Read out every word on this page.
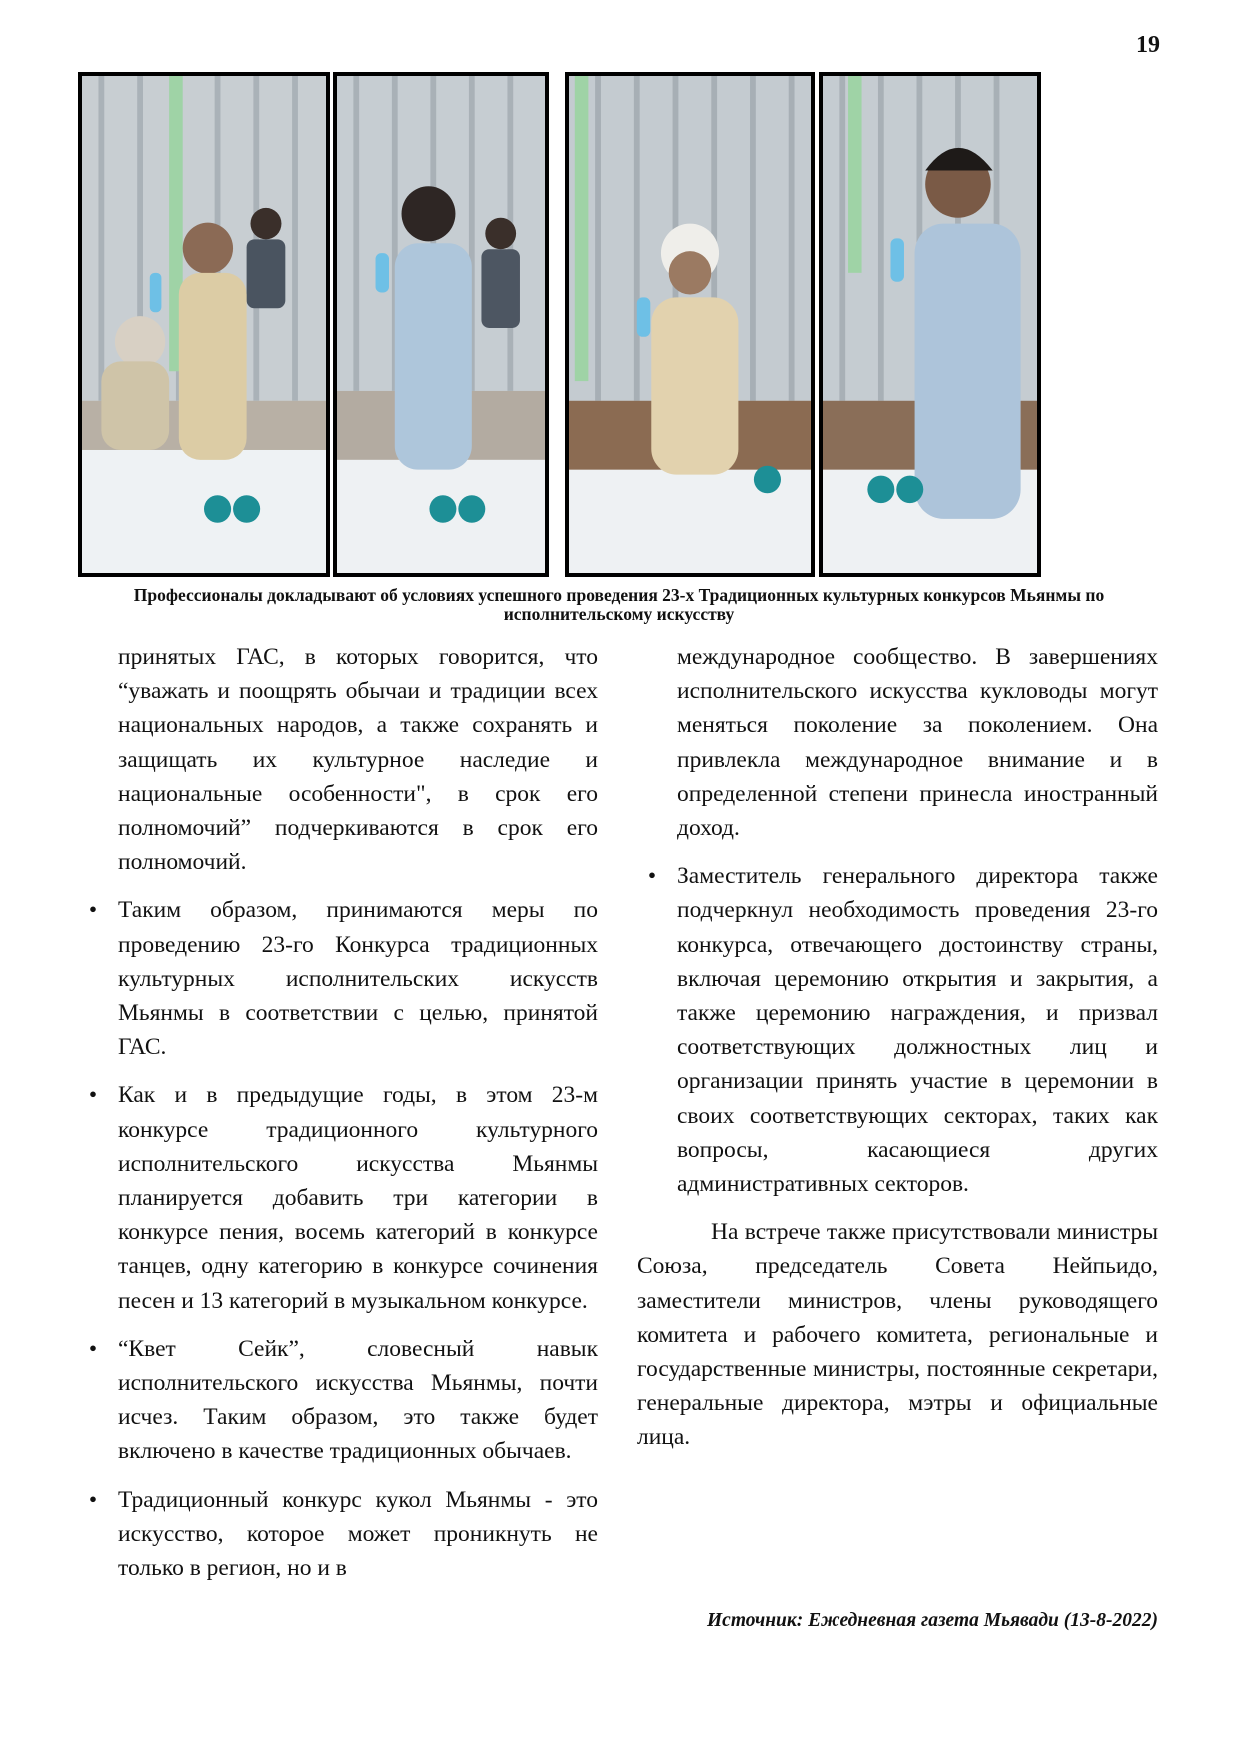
19
Профессионалы докладывают об условиях успешного проведения 23-х Традиционных культурных конкурсов Мьянмы по исполнительскому искусству

принятых ГАС, в которых говорится, что “уважать и поощрять обычаи и традиции всех национальных народов, а также сохранять и защищать их культурное наследие и национальные особенности", в срок его полномочий” подчеркиваются в срок его полномочий.

• Таким образом, принимаются меры по проведению 23-го Конкурса традиционных культурных исполнительских искусств Мьянмы в соответствии с целью, принятой ГАС.
• Как и в предыдущие годы, в этом 23-м конкурсе традиционного культурного исполнительского искусства Мьянмы планируется добавить три категории в конкурсе пения, восемь категорий в конкурсе танцев, одну категорию в конкурсе сочинения песен и 13 категорий в музыкальном конкурсе.
• “Квет Сейк”, словесный навык исполнительского искусства Мьянмы, почти исчез. Таким образом, это также будет включено в качестве традиционных обычаев.
• Традиционный конкурс кукол Мьянмы - это искусство, которое может проникнуть не только в регион, но и в

международное сообщество. В завершениях исполнительского искусства кукловоды могут меняться поколение за поколением. Она привлекла международное внимание и в определенной степени принесла иностранный доход.

• Заместитель генерального директора также подчеркнул необходимость проведения 23-го конкурса, отвечающего достоинству страны, включая церемонию открытия и закрытия, а также церемонию награждения, и призвал соответствующих должностных лиц и организации принять участие в церемонии в своих соответствующих секторах, таких как вопросы, касающиеся других административных секторов.

На встрече также присутствовали министры Союза, председатель Совета Нейпьидо, заместители министров, члены руководящего комитета и рабочего комитета, региональные и государственные министры, постоянные секретари, генеральные директора, мэтры и официальные лица.

Источник: Ежедневная газета Мьявади (13-8-2022)
